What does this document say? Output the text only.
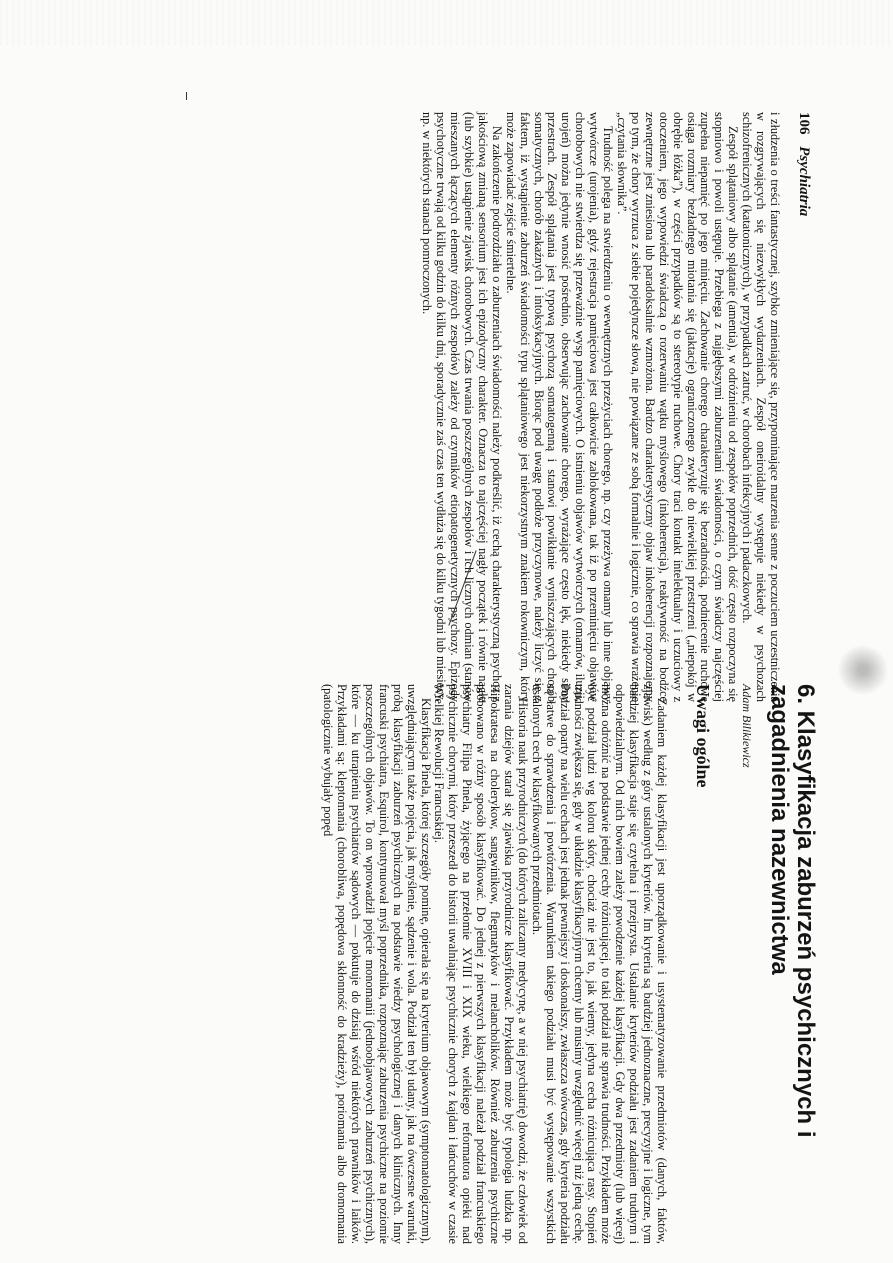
106 Psychiatria

i złudzenia o treści fantastycznej, szybko zmieniające się, przypominające marzenia senne z poczuciem uczestniczenia w rozgrywających się niezwykłych wydarzeniach. Zespół oneiroidalny występuje niekiedy w psychozach schizofrenicznych (katatonicznych), w przypadkach zatruć, w chorobach infekcyjnych i padaczkowych.

Zespół splątaniowy albo splątanie (amentia), w odróżnieniu od zespołów poprzednich, dość często rozpoczyna się stopniowo i powoli ustępuje. Przebiega z najgłębszymi zaburzeniami świadomości, o czym świadczy najczęściej zupełna niepamięć po jego minięciu. Zachowanie chorego charakteryzuje się bezradnością, podniecenie ruchowe osiąga rozmiary bezładnego miotania się (jaktacje) ograniczonego zwykle do niewielkiej przestrzeni („niepokój w obrębie łóżka”), w części przypadków są to stereotypie ruchowe. Chory traci kontakt intelektualny i uczuciowy z otoczeniem, jego wypowiedzi świadczą o rozerwaniu wątku myślowego (inkoherencja), reaktywność na bodźce zewnętrzne jest zniesiona lub paradoksalnie wzmożona. Bardzo charakterystyczny objaw inkoherencji rozpoznajemy po tym, że chory wyrzuca z siebie pojedyncze słowa, nie powiązane ze sobą formalnie i logicznie, co sprawia wrażenie „czytania słownika”.

Trudność polega na stwierdzeniu o wewnętrznych przeżyciach chorego, np. czy przeżywa omamy lub inne objawy wytwórcze (urojenia), gdyż rejestracja pamięciowa jest całkowicie zablokowana, tak iż po przeminięciu objawów chorobowych nie stwierdza się przeważnie wysp pamięciowych. O istnieniu objawów wytwórczych (omamów, iluzji, urojeń) można jedynie wnosić pośrednio, obserwując zachowanie chorego, wyrażające często lęk, niekiedy silny przestrach. Zespół splątania jest typową psychozą somatogenną i stanowi powikłanie wyniszczających chorób somatycznych, chorób zakaźnych i intoksykacyjnych. Biorąc pod uwagę podłoże przyczynowe, należy liczyć się z faktem, iż wystąpienie zaburzeń świadomości typu splątaniowego jest niekorzystnym znakiem rokowniczym, który może zapowiadać zejście śmiertelne.

Na zakończenie podrozdziału o zaburzeniach świadomości należy podkreślić, iż cechą charakterystyczną psychoz z jakościową zmianą sensorium jest ich epizodyczny charakter. Oznacza to najczęściej nagły początek i równie nagłe (lub szybkie) ustąpienie zjawisk chorobowych. Czas trwania poszczególnych zespołów i ich licznych odmian (stanów mieszanych łączących elementy różnych zespołów) zależy od czynników etiopatogenetycznych psychozy. Epizody psychotyczne trwają od kilku godzin do kilku dni, sporadycznie zaś czas ten wydłuża się do kilku tygodni lub miesięcy, np. w niektórych stanach pomroczonych.

6. Klasyfikacja zaburzeń psychicznych i zagadnienia nazewnictwa
Adam Bilikiewicz
Uwagi ogólne

Zadaniem każdej klasyfikacji jest uporządkowanie i usystematyzowanie przedmiotów (danych, faktów, zjawisk) według z góry ustalonych kryteriów. Im kryteria są bardziej jednoznaczne, precyzyjne i logiczne, tym bardziej klasyfikacja staje się czytelna i przejrzysta. Ustalanie kryteriów podziału jest zadaniem trudnym i odpowiedzialnym. Od nich bowiem zależy powodzenie każdej klasyfikacji. Gdy dwa przedmioty (lub więcej) można odróżnić na podstawie jednej cechy różnicującej, to taki podział nie sprawia trudności. Przykładem może być podział ludzi wg koloru skóry, chociaż nie jest to, jak wiemy, jedyna cecha różnicująca rasy. Stopień trudności zwiększa się, gdy w układzie klasyfikacyjnym chcemy lub musimy uwzględnić więcej niż jedną cechę. Podział oparty na wielu cechach jest jednak pewniejszy i doskonalszy, zwłaszcza wówczas, gdy kryteria podziału są łatwe do sprawdzenia i powtórzenia. Warunkiem takiego podziału musi być występowanie wszystkich ustalonych cech w klasyfikowanych przedmiotach.

Historia nauk przyrodniczych (do których zaliczamy medycynę, a w niej psychiatrię) dowodzi, że człowiek od zarania dziejów starał się zjawiska przyrodnicze klasyfikować. Przykładem może być typologia ludzka np. Hipokratesa na cholerykow, sangwinikow, flegmatyków i melancholików. Również zaburzenia psychiczne próbowano w różny sposób klasyfikować. Do jednej z pierwszych klasyfikacji należał podział francuskiego psychiatry Filipa Pinela, żyjącego na przełomie XVIII i XIX wieku, wielkiego reformatora opieki nad psychicznie chorymi, który przeszedł do historii uwalniając psychicznie chorych z kajdan i łańcuchów w czasie Wielkiej Rewolucji Francuskiej.

Klasyfikacja Pinela, której szczegóły pominę, opierała się na kryterium objawowym (symptomatologicznym), uwzględniającym także pojęcia, jak myślenie, sądzenie i wola. Podział ten był udany, jak na ówczesne warunki, próbą klasyfikacji zaburzeń psychicznych na podstawie wiedzy psychologicznej i danych klinicznych. Inny francuski psychiatra, Esquirol, kontynuował myśl poprzednika, rozpoznając zaburzenia psychiczne na poziomie poszczególnych objawów. To on wprowadził pojęcie monomanii (jednoobjawowych zaburzeń psychicznych), które — ku utrapieniu psychiatrów sądowych — pokutuje do dzisiaj wśród niektórych prawników i laików. Przykładami są: kleptomania (chorobliwa, popędowa skłonność do kradzieży), poriomania albo dromomania (patologicznie wybujały popęd
